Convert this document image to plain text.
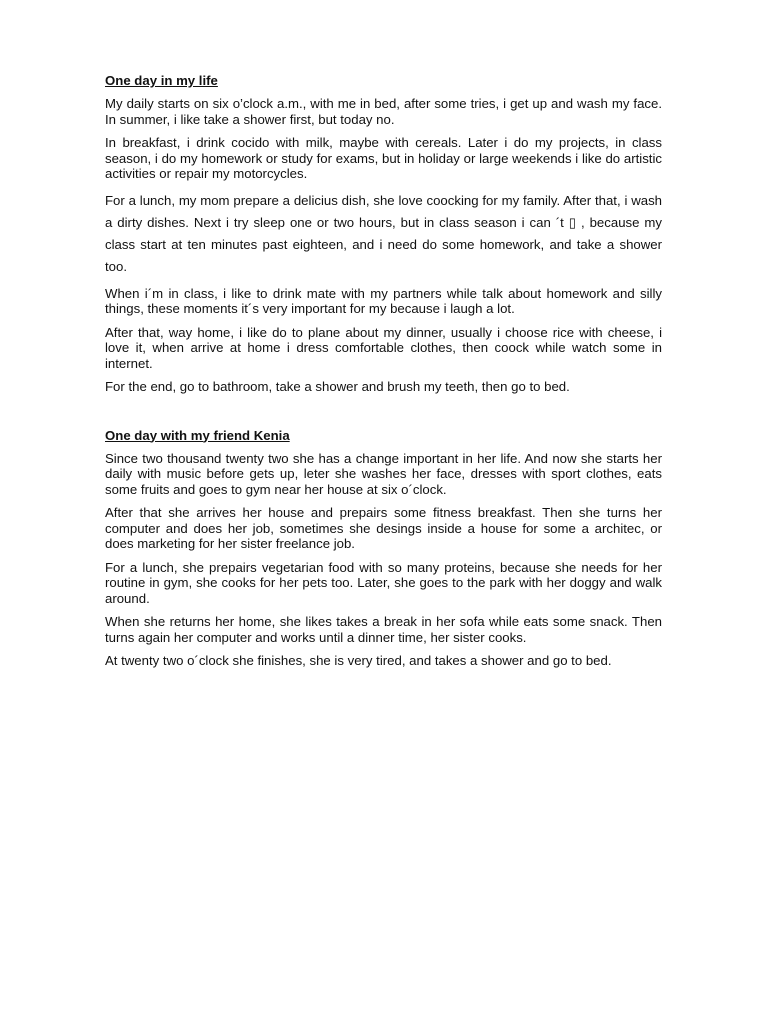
One day in my life

My daily starts on six o’clock a.m., with me in bed, after some tries, i get up and wash my face. In summer, i like take a shower first, but today no.

In breakfast, i drink cocido with milk, maybe with cereals. Later i do my projects, in class season, i do my homework or study for exams, but in holiday or large weekends i like do artistic activities or repair my motorcycles.

For a lunch, my mom prepare a delicius dish, she love coocking for my family. After that, i wash a dirty dishes. Next i try sleep one or two hours, but in class season i can ´t ▯ , because my class start at ten minutes past eighteen, and i need do some homework, and take a shower too.

When i´m in class, i like to drink mate with my partners while talk about homework and silly things, these moments it´s very important for my because i laugh a lot.

After that, way home, i like do to plane about my dinner, usually i choose rice with cheese, i love it, when arrive at home i dress comfortable clothes, then coock while watch some in internet.

For the end, go to bathroom, take a shower and brush my teeth, then go to bed.

One day with my friend Kenia

Since two thousand twenty two she has a change important in her life. And now she starts her daily with music before gets up, leter she washes her face, dresses with sport clothes, eats some fruits and goes to gym near her house at six o´clock.

After that she arrives her house and prepairs some fitness breakfast. Then she turns her computer and does her job, sometimes she desings inside a house for some a architec, or does marketing for her sister freelance job.

For a lunch, she prepairs vegetarian food with so many proteins, because she needs for her routine in gym, she cooks for her pets too. Later, she goes to the park with her doggy and walk around.

When she returns her home, she likes takes a break in her sofa while eats some snack. Then turns again her computer and works until a dinner time, her sister cooks.

At twenty two o´clock she finishes, she is very tired, and takes a shower and go to bed.
